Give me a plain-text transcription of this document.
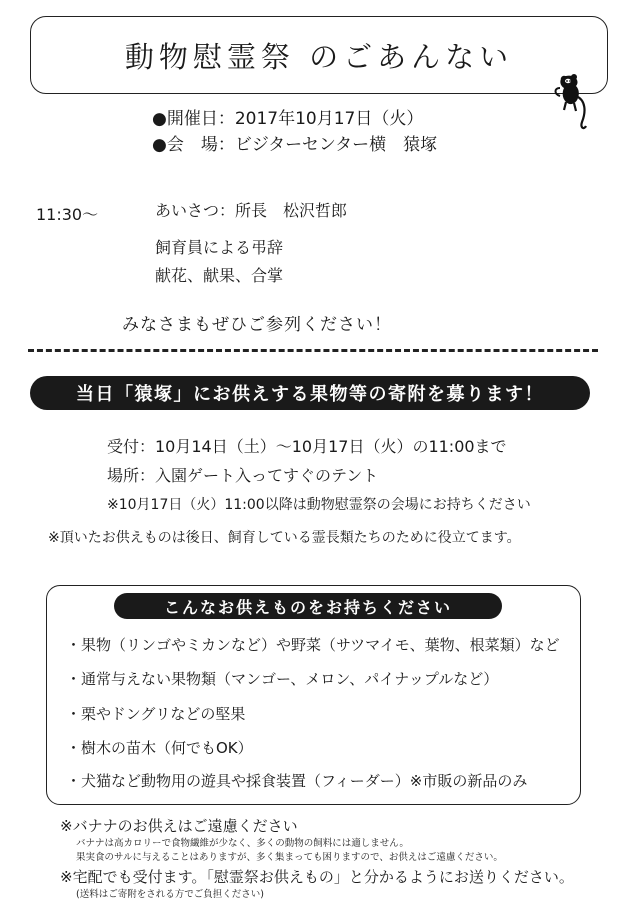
動物慰霊祭 のごあんない
●開催日：2017年10月17日（火）
●会　場：ビジターセンター横　猿塚
11:30〜	あいさつ：所長　松沢哲郎
飼育員による弔辞
献花、献果、合掌
みなさまもぜひご参列ください！
当日「猿塚」にお供えする果物等の寄附を募ります！
受付：10月14日（土）〜10月17日（火）の11:00まで
場所：入園ゲート入ってすぐのテント
※10月17日（火）11:00以降は動物慰霊祭の会場にお持ちください
※頂いたお供えものは後日、飼育している霊長類たちのために役立てます。
こんなお供えものをお持ちください
・果物（リンゴやミカンなど）や野菜（サツマイモ、葉物、根菜類）など
・通常与えない果物類（マンゴー、メロン、パイナップルなど）
・栗やドングリなどの堅果
・樹木の苗木（何でもOK）
・犬猫など動物用の遊具や採食装置（フィーダー）※市販の新品のみ
※バナナのお供えはご遠慮ください
バナナは高カロリーで食物繊維が少なく、多くの動物の飼料には適しません。
果実食のサルに与えることはありますが、多く集まっても困りますので、お供えはご遠慮ください。
※宅配でも受付ます。「慰霊祭お供えもの」と分かるようにお送りください。
(送料はご寄附をされる方でご負担ください)
